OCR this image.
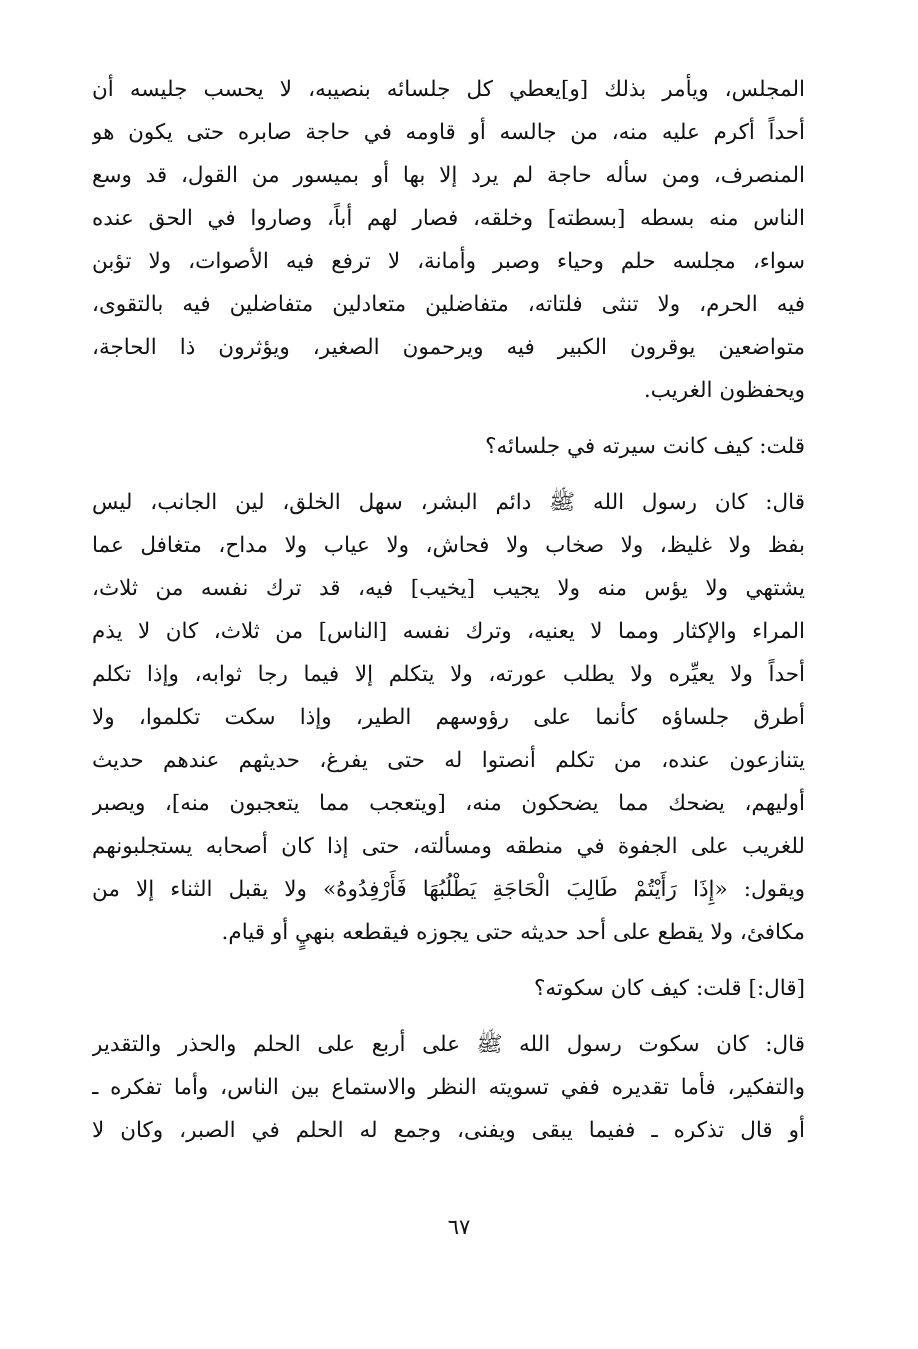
المجلس، ويأمر بذلك [و]يعطي كل جلسائه بنصيبه، لا يحسب جليسه أن
أحداً أكرم عليه منه، من جالسه أو قاومه في حاجة صابره حتى يكون هو
المنصرف، ومن سأله حاجة لم يرد إلا بها أو بميسور من القول، قد وسع
الناس منه بسطه [بسطته] وخلقه، فصار لهم أباً، وصاروا في الحق عنده
سواء، مجلسه حلم وحياء وصبر وأمانة، لا ترفع فيه الأصوات، ولا تؤبن
فيه الحرم، ولا تنثى فلتاته، متفاضلين متعادلين متفاضلين فيه بالتقوى،
متواضعين يوقرون الكبير فيه ويرحمون الصغير، ويؤثرون ذا الحاجة،
ويحفظون الغريب.
قلت: كيف كانت سيرته في جلسائه؟
قال: كان رسول الله ﷺ دائم البشر، سهل الخلق، لين الجانب، ليس
بفظ ولا غليظ، ولا صخاب ولا فحاش، ولا عياب ولا مداح، متغافل عما
يشتهي ولا يؤس منه ولا يجيب [يخيب] فيه، قد ترك نفسه من ثلاث،
المراء والإكثار ومما لا يعنيه، وترك نفسه [الناس] من ثلاث، كان لا يذم
أحداً ولا يعيِّره ولا يطلب عورته، ولا يتكلم إلا فيما رجا ثوابه، وإذا تكلم
أطرق جلساؤه كأنما على رؤوسهم الطير، وإذا سكت تكلموا، ولا
يتنازعون عنده، من تكلم أنصتوا له حتى يفرغ، حديثهم عندهم حديث
أوليهم، يضحك مما يضحكون منه، [ويتعجب مما يتعجبون منه]، ويصبر
للغريب على الجفوة في منطقه ومسألته، حتى إذا كان أصحابه يستجلبونهم
ويقول: «إِذَا رَأَيْتُمْ طَالِبَ الْحَاجَةِ يَطْلُبُهَا فَأَرْفِدُوهُ» ولا يقبل الثناء إلا من
مكافئ، ولا يقطع على أحد حديثه حتى يجوزه فيقطعه بنهيٍ أو قيام.
[قال:] قلت: كيف كان سكوته؟
قال: كان سكوت رسول الله ﷺ على أربع على الحلم والحذر والتقدير
والتفكير، فأما تقديره ففي تسويته النظر والاستماع بين الناس، وأما تفكره ـ
أو قال تذكره ـ ففيما يبقى ويفنى، وجمع له الحلم في الصبر، وكان لا
٦٧
